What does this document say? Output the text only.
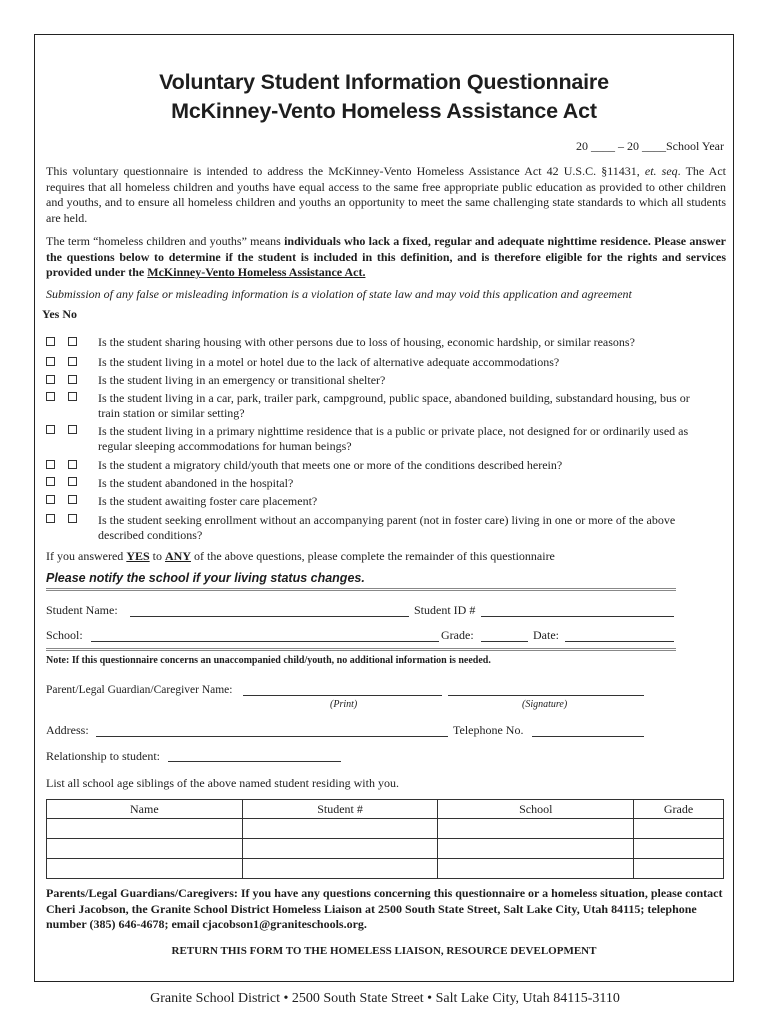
Voluntary Student Information Questionnaire
McKinney-Vento Homeless Assistance Act
20 ____ – 20 ____School Year
This voluntary questionnaire is intended to address the McKinney-Vento Homeless Assistance Act 42 U.S.C. §11431, et. seq. The Act requires that all homeless children and youths have equal access to the same free appropriate public education as provided to other children and youths, and to ensure all homeless children and youths an opportunity to meet the same challenging state standards to which all students are held.
The term “homeless children and youths” means individuals who lack a fixed, regular and adequate nighttime residence. Please answer the questions below to determine if the student is included in this definition, and is therefore eligible for the rights and services provided under the McKinney-Vento Homeless Assistance Act.
Submission of any false or misleading information is a violation of state law and may void this application and agreement
Yes No
Is the student sharing housing with other persons due to loss of housing, economic hardship, or similar reasons?
Is the student living in a motel or hotel due to the lack of alternative adequate accommodations?
Is the student living in an emergency or transitional shelter?
Is the student living in a car, park, trailer park, campground, public space, abandoned building, substandard housing, bus or train station or similar setting?
Is the student living in a primary nighttime residence that is a public or private place, not designed for or ordinarily used as regular sleeping accommodations for human beings?
Is the student a migratory child/youth that meets one or more of the conditions described herein?
Is the student abandoned in the hospital?
Is the student awaiting foster care placement?
Is the student seeking enrollment without an accompanying parent (not in foster care) living in one or more of the above described conditions?
If you answered YES to ANY of the above questions, please complete the remainder of this questionnaire
Please notify the school if your living status changes.
Student Name:	Student ID #
School:	Grade:	Date:
Note: If this questionnaire concerns an unaccompanied child/youth, no additional information is needed.
Parent/Legal Guardian/Caregiver Name:
(Print)	(Signature)
Address:	Telephone No.
Relationship to student:
List all school age siblings of the above named student residing with you.
Name	Student #	School	Grade

Parents/Legal Guardians/Caregivers: If you have any questions concerning this questionnaire or a homeless situation, please contact Cheri Jacobson, the Granite School District Homeless Liaison at 2500 South State Street, Salt Lake City, Utah 84115; telephone number (385) 646-4678; email cjacobson1@graniteschools.org.
RETURN THIS FORM TO THE HOMELESS LIAISON, RESOURCE DEVELOPMENT
Granite School District • 2500 South State Street • Salt Lake City, Utah 84115-3110
